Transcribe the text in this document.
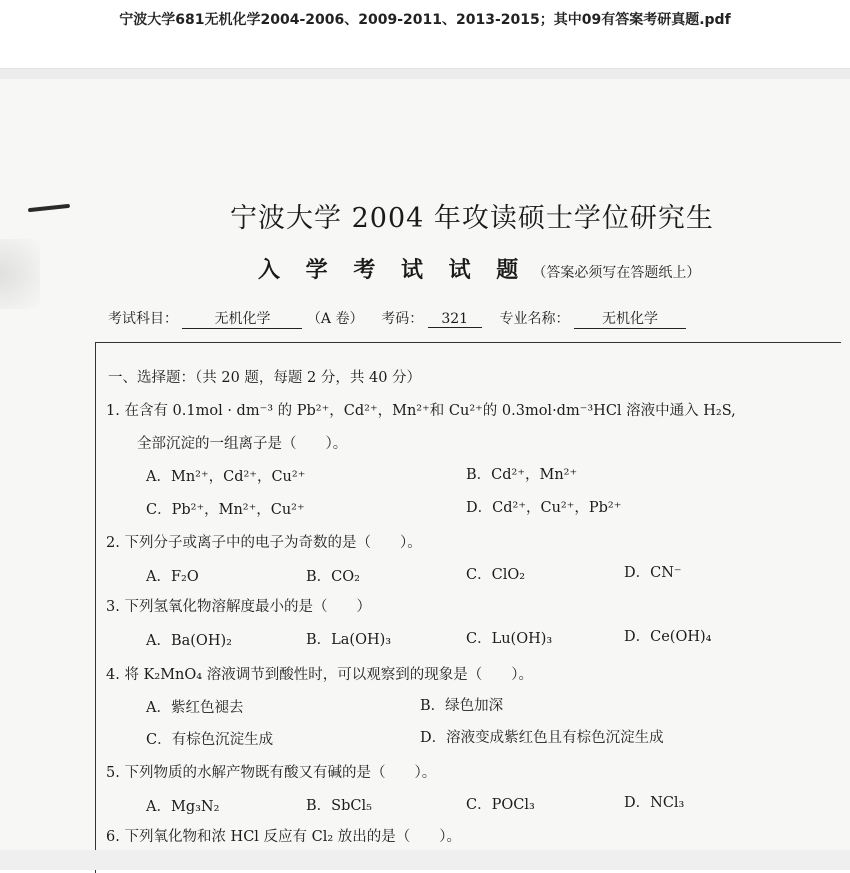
宁波大学681无机化学2004-2006、2009-2011、2013-2015；其中09有答案考研真题.pdf
宁波大学 2004 年攻读硕士学位研究生
入 学 考 试 试 题 （答案必须写在答题纸上）
考试科目：	无机化学	（A 卷） 考码： 321 专业名称： 无机化学
一、选择题：（共 20 题，每题 2 分，共 40 分）
1. 在含有 0.1mol · dm⁻³ 的 Pb²⁺，Cd²⁺，Mn²⁺和 Cu²⁺的 0.3mol·dm⁻³HCl 溶液中通入 H₂S,
全部沉淀的一组离子是（　　）。
A．Mn²⁺，Cd²⁺，Cu²⁺	B．Cd²⁺，Mn²⁺
C．Pb²⁺，Mn²⁺，Cu²⁺	D．Cd²⁺，Cu²⁺，Pb²⁺
2. 下列分子或离子中的电子为奇数的是（　　）。
A．F₂O	B．CO₂	C．ClO₂	D．CN⁻
3. 下列氢氧化物溶解度最小的是（　　）
A．Ba(OH)₂	B．La(OH)₃	C．Lu(OH)₃	D．Ce(OH)₄
4. 将 K₂MnO₄ 溶液调节到酸性时，可以观察到的现象是（　　）。
A．紫红色褪去	B．绿色加深
C．有棕色沉淀生成	D．溶液变成紫红色且有棕色沉淀生成
5. 下列物质的水解产物既有酸又有碱的是（　　）。
A．Mg₃N₂	B．SbCl₅	C．POCl₃	D．NCl₃
6. 下列氧化物和浓 HCl 反应有 Cl₂ 放出的是（　　）。
